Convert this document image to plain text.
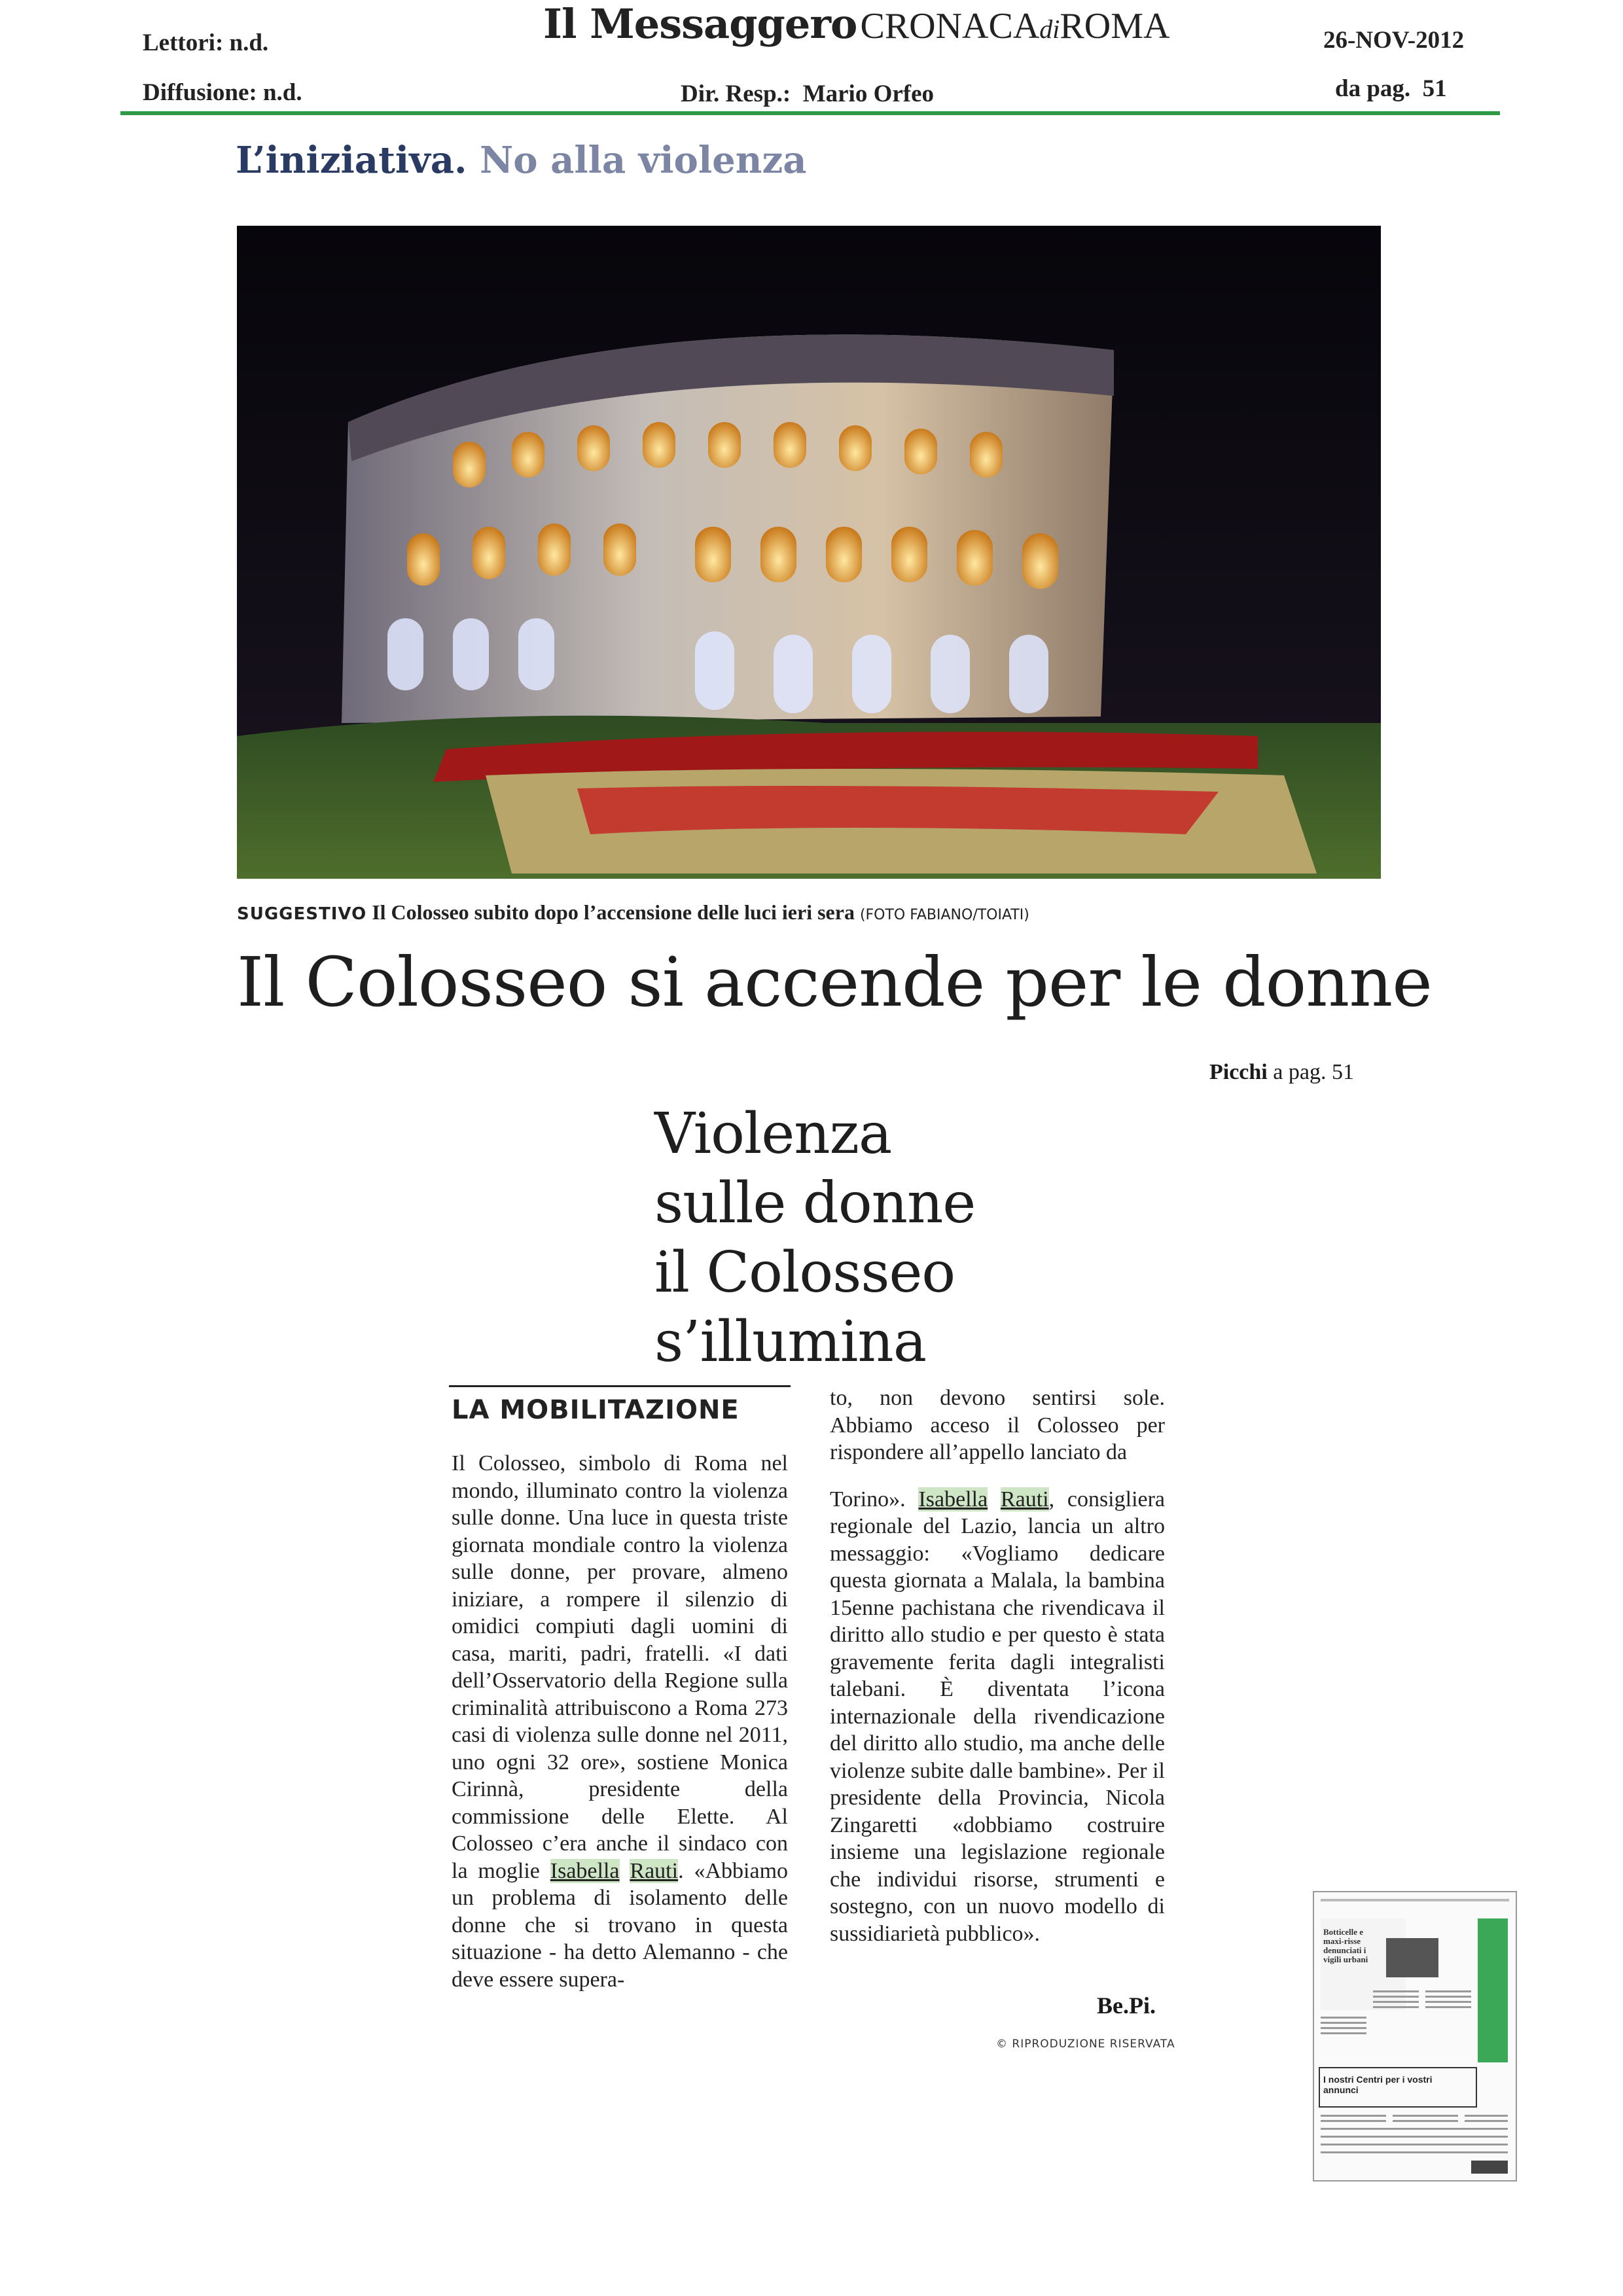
Lettori: n.d.
Diffusione: n.d.
Il Messaggero CRONACAdiROMA
Dir. Resp.:  Mario Orfeo
26-NOV-2012
da pag.  51
L’iniziativa. No alla violenza
SUGGESTIVO Il Colosseo subito dopo l’accensione delle luci ieri sera (FOTO FABIANO/TOIATI)
Il Colosseo si accende per le donne
Picchi a pag. 51
Violenza
sulle donne
il Colosseo
s’illumina
LA MOBILITAZIONE
Il Colosseo, simbolo di Roma nel mondo, illuminato contro la violenza sulle donne. Una luce in questa triste giornata mondiale contro la violenza sulle donne, per provare, almeno iniziare, a rompere il silenzio di omidici compiuti dagli uomini di casa, mariti, padri, fratelli. «I dati dell’Osservatorio della Regione sulla criminalità attribuiscono a Roma 273 casi di violenza sulle donne nel 2011, uno ogni 32 ore», sostiene Monica Cirinnà, presidente della commissione delle Elette. Al Colosseo c’era anche il sindaco con la moglie Isabella Rauti. «Abbiamo un problema di isolamento delle donne che si trovano in questa situazione - ha detto Alemanno - che deve essere supera-
to, non devono sentirsi sole. Abbiamo acceso il Colosseo per rispondere all’appello lanciato da
Torino». Isabella Rauti, consigliera regionale del Lazio, lancia un altro messaggio: «Vogliamo dedicare questa giornata a Malala, la bambina 15enne pachistana che rivendicava il diritto allo studio e per questo è stata gravemente ferita dagli integralisti talebani. È diventata l’icona internazionale della rivendicazione del diritto allo studio, ma anche delle violenze subite dalle bambine». Per il presidente della Provincia, Nicola Zingaretti «dobbiamo costruire insieme una legislazione regionale che individui risorse, strumenti e sostegno, con un nuovo modello di sussidiarietà pubblico».
Be.Pi.
© RIPRODUZIONE RISERVATA
Botticelle e maxi-risse denunciati i vigili urbani
I nostri Centri per i vostri annunci
